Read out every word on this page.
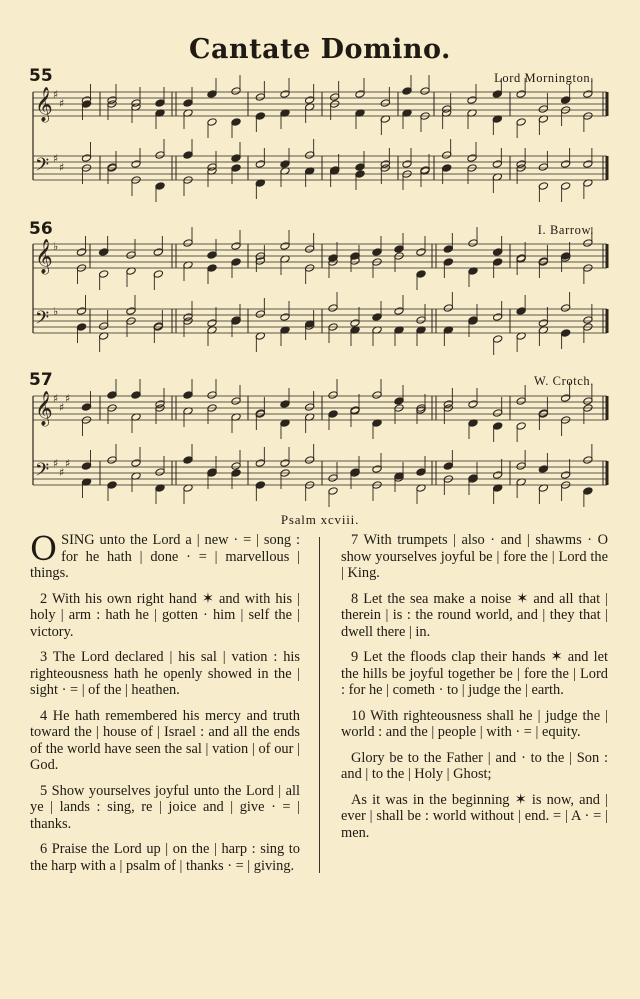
Cantate Domino.
55	Lord Mornington.
56	I. Barrow.
57	W. Crotch.
𝄞 ♯
♯
𝄢 ♯
♯
𝄞 ♭
𝄢 ♭
𝄞 ♯
♯
♯
𝄢 ♯
♯
♯
Psalm xcviii.

O SING unto the Lord a | new · = | song : for he hath | done · = | marvellous | things.

2 With his own right hand ✶ and with his | holy | arm : hath he | gotten · him | self the | victory.

3 The Lord declared | his sal | vation : his righteousness hath he openly showed in the | sight · = | of the | heathen.

4 He hath remembered his mercy and truth toward the | house of | Israel : and all the ends of the world have seen the sal | vation | of our | God.

5 Show yourselves joyful unto the Lord | all ye | lands : sing, re | joice and | give · = | thanks.

6 Praise the Lord up | on the | harp : sing to the harp with a | psalm of | thanks · = | giving.

7 With trumpets | also · and | shawms · O show yourselves joyful be | fore the | Lord the | King.

8 Let the sea make a noise ✶ and all that | therein | is : the round world, and | they that | dwell there | in.

9 Let the floods clap their hands ✶ and let the hills be joyful together be | fore the | Lord : for he | cometh · to | judge the | earth.

10 With righteousness shall he | judge the | world : and the | people | with · = | equity.

Glory be to the Father | and · to the | Son : and | to the | Holy | Ghost;

As it was in the beginning ✶ is now, and | ever | shall be : world without | end. = | A · = | men.
